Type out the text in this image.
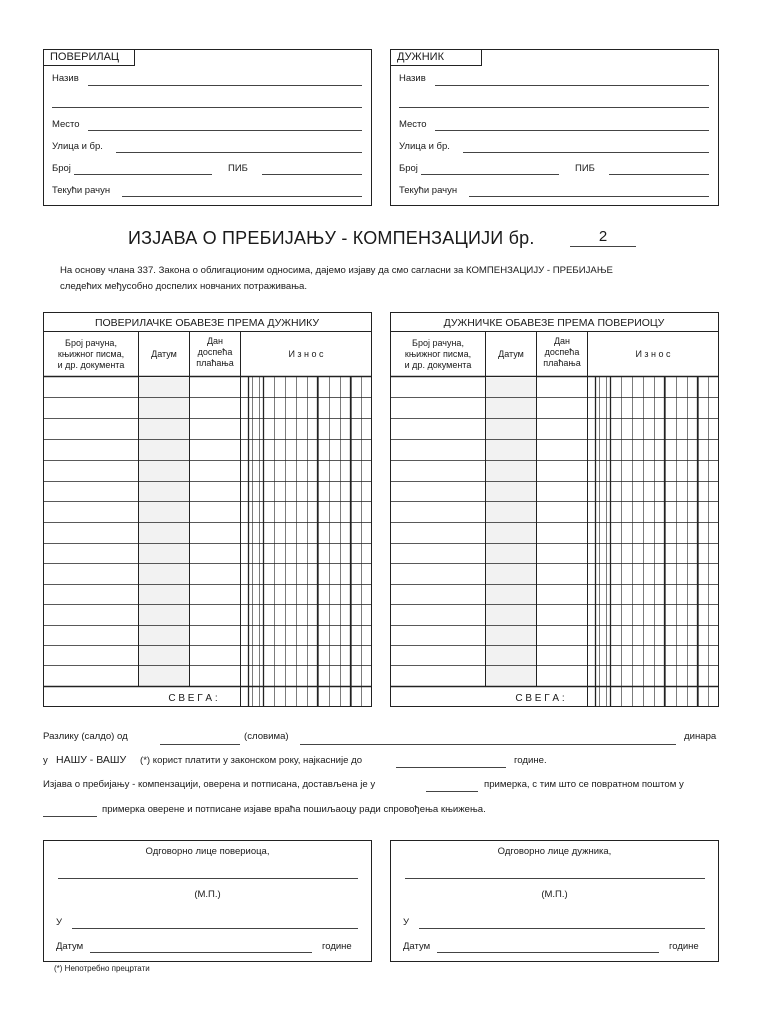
ПОВЕРИЛАЦ
Назив
Место
Улица и бр.
Број	ПИБ
Текући рачун
ДУЖНИК
Назив
Место
Улица и бр.
Број	ПИБ
Текући рачун
ИЗЈАВА О ПРЕБИЈАЊУ - КОМПЕНЗАЦИЈИ бр.	2
На основу члана 337. Закона о облигационим односима, дајемо изјаву да смо сагласни за КОМПЕНЗАЦИЈУ - ПРЕБИЈАЊЕ
следећих међусобно доспелих новчаних потраживања.
ПОВЕРИЛАЧКЕ ОБАВЕЗЕ ПРЕМА ДУЖНИКУ
Број рачуна,
књижног писма,
и др. документа
Датум
Дан
доспећа
плаћања
И з н о с
С В Е Г А :
ДУЖНИЧКЕ ОБАВЕЗЕ ПРЕМА ПОВЕРИОЦУ
Број рачуна,
књижног писма,
и др. документа
Датум
Дан
доспећа
плаћања
И з н о с
С В Е Г А :
Разлику (салдо) од	(словима)	динара
у НАШУ - ВАШУ (*) корист платити у законском року, најкасније до	године.
Изјава о пребијању - компензацији, оверена и потписана, достављена је у	примерка, с тим што се повратном поштом у
примерка оверене и потписане изјаве враћа пошиљаоцу ради спровођења књижења.
Одговорно лице повериоца,
(М.П.)
У
Датум	године
Одговорно лице дужника,
(М.П.)
У
Датум	године
(*) Непотребно прецртати
